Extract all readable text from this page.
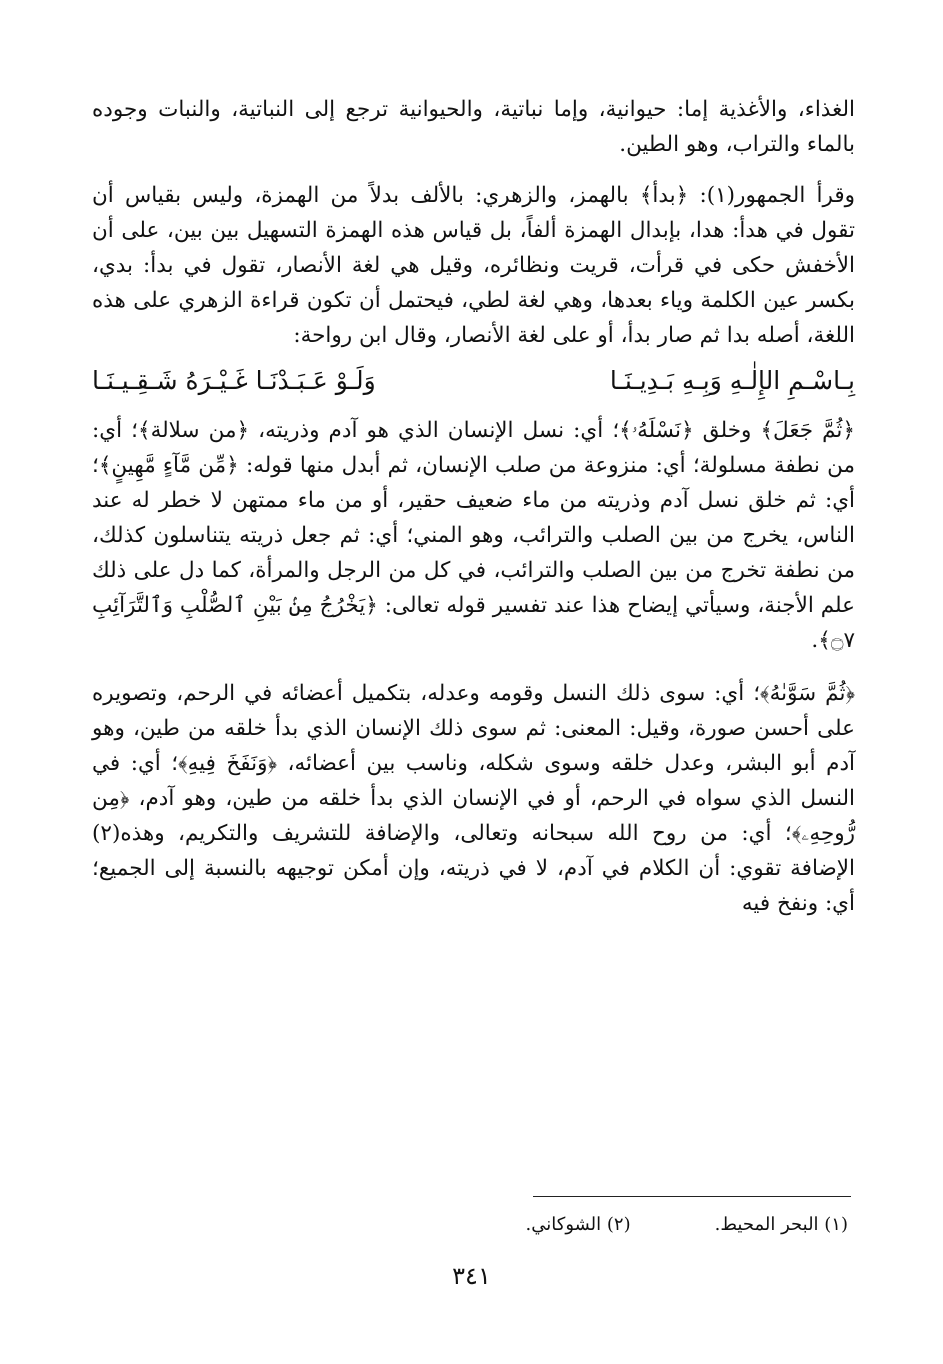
الغذاء، والأغذية إما: حيوانية، وإما نباتية، والحيوانية ترجع إلى النباتية، والنبات وجوده بالماء والتراب، وهو الطين.

وقرأ الجمهور(١): ﴿بدأ﴾ بالهمز، والزهري: بالألف بدلاً من الهمزة، وليس بقياس أن تقول في هدأ: هدا، بإبدال الهمزة ألفاً، بل قياس هذه الهمزة التسهيل بين بين، على أن الأخفش حكى في قرأت، قريت ونظائره، وقيل هي لغة الأنصار، تقول في بدأ: بدي، بكسر عين الكلمة وياء بعدها، وهي لغة لطي، فيحتمل أن تكون قراءة الزهري على هذه اللغة، أصله بدا ثم صار بدأ، أو على لغة الأنصار، وقال ابن رواحة:

بِـاسْـمِ الإِلٰـهِ وَبِـهِ بَـدِيـنَـا
وَلَـوْ عَـبَـدْنَـا غَـيْـرَهُ شَـقِـيـنَـا

﴿ثُمَّ جَعَلَ﴾ وخلق ﴿نَسْلَهُۥ﴾؛ أي: نسل الإنسان الذي هو آدم وذريته، ﴿من سلالة﴾؛ أي: من نطفة مسلولة؛ أي: منزوعة من صلب الإنسان، ثم أبدل منها قوله: ﴿مِّن مَّآءٍ مَّهِينٍ﴾؛ أي: ثم خلق نسل آدم وذريته من ماء ضعيف حقير، أو من ماء ممتهن لا خطر له عند الناس، يخرج من بين الصلب والترائب، وهو المني؛ أي: ثم جعل ذريته يتناسلون كذلك، من نطفة تخرج من بين الصلب والترائب، في كل من الرجل والمرأة، كما دل على ذلك علم الأجنة، وسيأتي إيضاح هذا عند تفسير قوله تعالى: ﴿يَخْرُجُ مِنۢ بَيْنِ ٱلصُّلْبِ وَٱلتَّرَآئِبِ ۝٧﴾.

﴿ثُمَّ سَوَّىٰهُ﴾؛ أي: سوى ذلك النسل وقومه وعدله، بتكميل أعضائه في الرحم، وتصويره على أحسن صورة، وقيل: المعنى: ثم سوى ذلك الإنسان الذي بدأ خلقه من طين، وهو آدم أبو البشر، وعدل خلقه وسوى شكله، وناسب بين أعضائه، ﴿وَنَفَخَ فِيهِ﴾؛ أي: في النسل الذي سواه في الرحم، أو في الإنسان الذي بدأ خلقه من طين، وهو آدم، ﴿مِن رُّوحِهِۦ﴾؛ أي: من روح الله سبحانه وتعالى، والإضافة للتشريف والتكريم، وهذه(٢) الإضافة تقوي: أن الكلام في آدم، لا في ذريته، وإن أمكن توجيهه بالنسبة إلى الجميع؛ أي: ونفخ فيه

(١) البحر المحيط.
(٢) الشوكاني.
٣٤١
